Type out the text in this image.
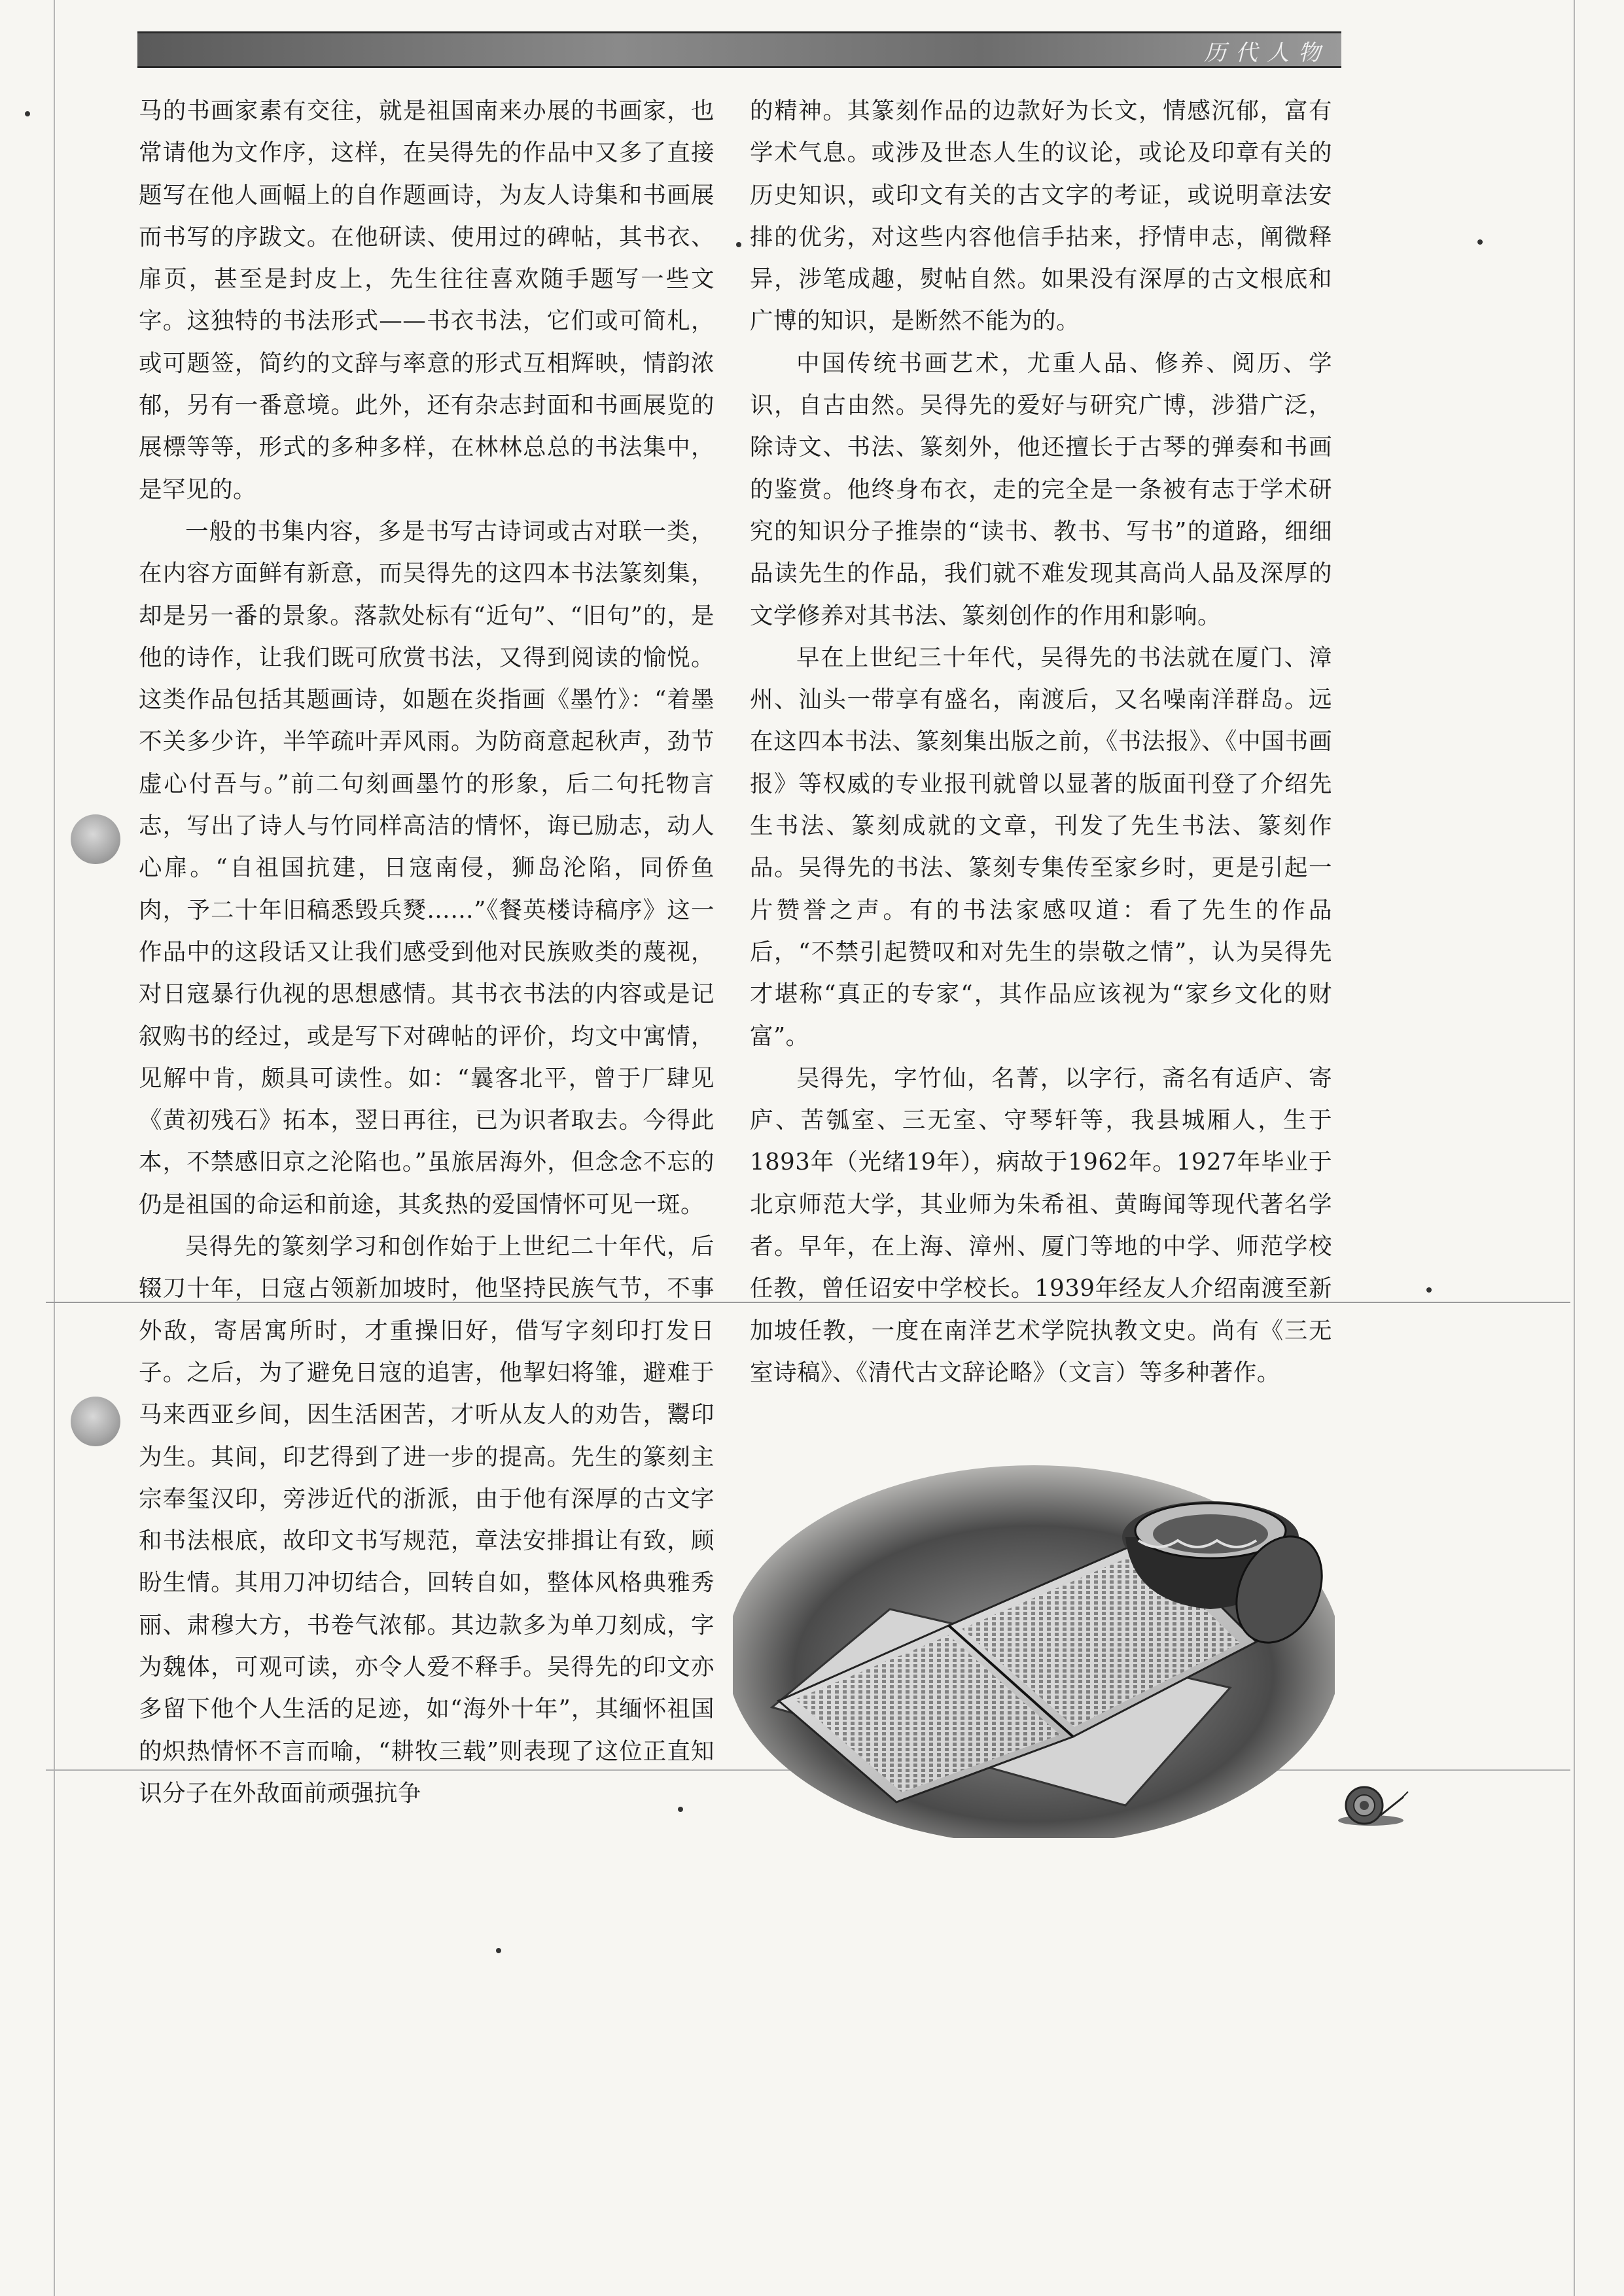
历代人物

马的书画家素有交往，就是祖国南来办展的书画家，也常请他为文作序，这样，在吴得先的作品中又多了直接题写在他人画幅上的自作题画诗，为友人诗集和书画展而书写的序跋文。在他研读、使用过的碑帖，其书衣、扉页，甚至是封皮上，先生往往喜欢随手题写一些文字。这独特的书法形式——书衣书法，它们或可简札，或可题签，简约的文辞与率意的形式互相辉映，情韵浓郁，另有一番意境。此外，还有杂志封面和书画展览的展標等等，形式的多种多样，在林林总总的书法集中，是罕见的。

一般的书集内容，多是书写古诗词或古对联一类，在内容方面鲜有新意，而吴得先的这四本书法篆刻集，却是另一番的景象。落款处标有“近句”、“旧句”的，是他的诗作，让我们既可欣赏书法，又得到阅读的愉悦。这类作品包括其题画诗，如题在炎指画《墨竹》：“着墨不关多少许，半竿疏叶弄风雨。为防商意起秋声，劲节虚心付吾与。”前二句刻画墨竹的形象，后二句托物言志，写出了诗人与竹同样高洁的情怀，诲已励志，动人心扉。“自祖国抗建，日寇南侵，狮岛沦陷，同侨鱼肉，予二十年旧稿悉毁兵燹……”《餐英楼诗稿序》这一作品中的这段话又让我们感受到他对民族败类的蔑视，对日寇暴行仇视的思想感情。其书衣书法的内容或是记叙购书的经过，或是写下对碑帖的评价，均文中寓情，见解中肯，颇具可读性。如：“曩客北平，曾于厂肆见《黄初残石》拓本，翌日再往，已为识者取去。今得此本，不禁感旧京之沦陷也。”虽旅居海外，但念念不忘的仍是祖国的命运和前途，其炙热的爱国情怀可见一斑。

吴得先的篆刻学习和创作始于上世纪二十年代，后辍刀十年，日寇占领新加坡时，他坚持民族气节，不事外敌，寄居寓所时，才重操旧好，借写字刻印打发日子。之后，为了避免日寇的追害，他挈妇将雏，避难于马来西亚乡间，因生活困苦，才听从友人的劝告，鬻印为生。其间，印艺得到了进一步的提高。先生的篆刻主宗奉玺汉印，旁涉近代的浙派，由于他有深厚的古文字和书法根底，故印文书写规范，章法安排揖让有致，顾盼生情。其用刀冲切结合，回转自如，整体风格典雅秀丽、肃穆大方，书卷气浓郁。其边款多为单刀刻成，字为魏体，可观可读，亦令人爱不释手。吴得先的印文亦多留下他个人生活的足迹，如“海外十年”，其缅怀祖国的炽热情怀不言而喻，“耕牧三载”则表现了这位正直知识分子在外敌面前顽强抗争

的精神。其篆刻作品的边款好为长文，情感沉郁，富有学术气息。或涉及世态人生的议论，或论及印章有关的历史知识，或印文有关的古文字的考证，或说明章法安排的优劣，对这些内容他信手拈来，抒情申志，阐微释异，涉笔成趣，熨帖自然。如果没有深厚的古文根底和广博的知识，是断然不能为的。

中国传统书画艺术，尤重人品、修养、阅历、学识，自古由然。吴得先的爱好与研究广博，涉猎广泛，除诗文、书法、篆刻外，他还擅长于古琴的弹奏和书画的鉴赏。他终身布衣，走的完全是一条被有志于学术研究的知识分子推崇的“读书、教书、写书”的道路，细细品读先生的作品，我们就不难发现其高尚人品及深厚的文学修养对其书法、篆刻创作的作用和影响。

早在上世纪三十年代，吴得先的书法就在厦门、漳州、汕头一带享有盛名，南渡后，又名噪南洋群岛。远在这四本书法、篆刻集出版之前，《书法报》、《中国书画报》等权威的专业报刊就曾以显著的版面刊登了介绍先生书法、篆刻成就的文章，刊发了先生书法、篆刻作品。吴得先的书法、篆刻专集传至家乡时，更是引起一片赞誉之声。有的书法家感叹道：看了先生的作品后，“不禁引起赞叹和对先生的崇敬之情”，认为吴得先才堪称“真正的专家“，其作品应该视为“家乡文化的财富”。

吴得先，字竹仙，名菁，以字行，斋名有适庐、寄庐、苦瓠室、三无室、守琴轩等，我县城厢人，生于1893年（光绪19年），病故于1962年。1927年毕业于北京师范大学，其业师为朱希祖、黄晦闻等现代著名学者。早年，在上海、漳州、厦门等地的中学、师范学校任教，曾任诏安中学校长。1939年经友人介绍南渡至新加坡任教，一度在南洋艺术学院执教文史。尚有《三无室诗稿》、《清代古文辞论略》（文言）等多种著作。
